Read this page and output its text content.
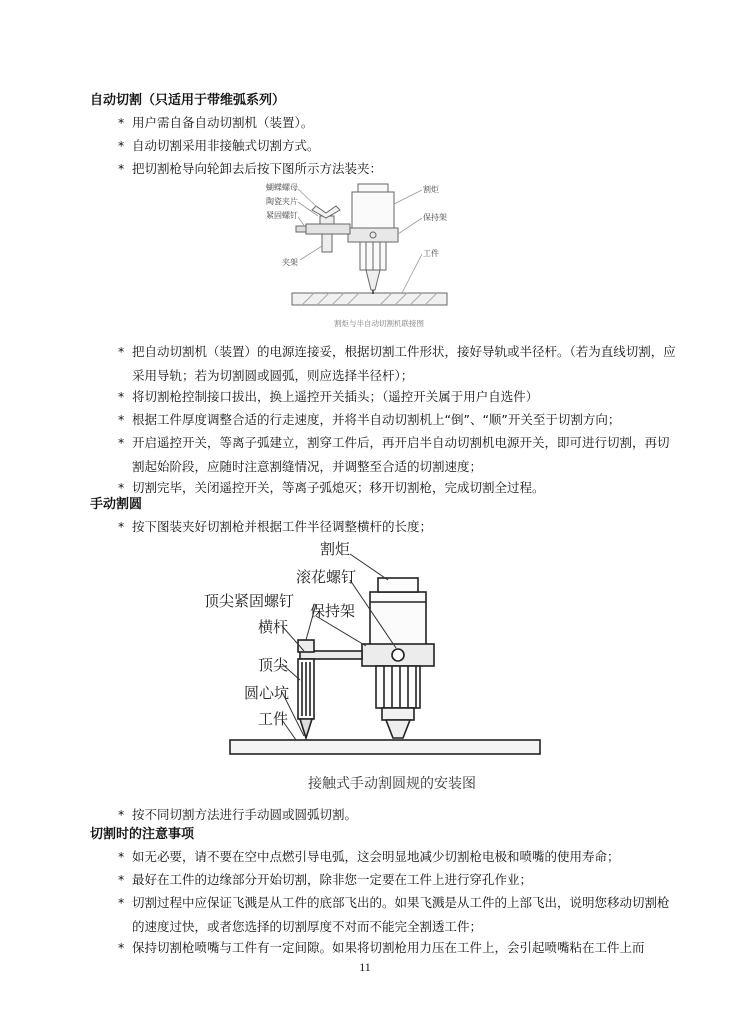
自动切割（只适用于带维弧系列）
* 用户需自备自动切割机（装置）。
* 自动切割采用非接触式切割方式。
* 把切割枪导向轮卸去后按下图所示方法装夹：
蝴蝶螺母
陶瓷夹片
紧固螺钉
夹架
割炬
保持架
工件
割炬与半自动切割机联接图
* 把自动切割机（装置）的电源连接妥，根据切割工件形状，接好导轨或半径杆。（若为直线切割，应采用导轨；若为切割圆或圆弧，则应选择半径杆）；
* 将切割枪控制接口拔出，换上遥控开关插头；（遥控开关属于用户自选件）
* 根据工件厚度调整合适的行走速度，并将半自动切割机上“倒”、“顺”开关至于切割方向；
* 开启遥控开关，等离子弧建立，割穿工件后，再开启半自动切割机电源开关，即可进行切割，再切割起始阶段，应随时注意割缝情况，并调整至合适的切割速度；
* 切割完毕，关闭遥控开关，等离子弧熄灭；移开切割枪，完成切割全过程。
手动割圆
* 按下图装夹好切割枪并根据工件半径调整横杆的长度；
割炬
滚花螺钉
顶尖紧固螺钉
保持架
横杆
顶尖
圆心坑
工件
接触式手动割圆规的安装图
* 按不同切割方法进行手动圆或圆弧切割。
切割时的注意事项
* 如无必要，请不要在空中点燃引导电弧，这会明显地减少切割枪电极和喷嘴的使用寿命；
* 最好在工件的边缘部分开始切割，除非您一定要在工件上进行穿孔作业；
* 切割过程中应保证飞溅是从工件的底部飞出的。如果飞溅是从工件的上部飞出，说明您移动切割枪的速度过快，或者您选择的切割厚度不对而不能完全割透工件；
* 保持切割枪喷嘴与工件有一定间隙。如果将切割枪用力压在工件上，会引起喷嘴粘在工件上而
11
